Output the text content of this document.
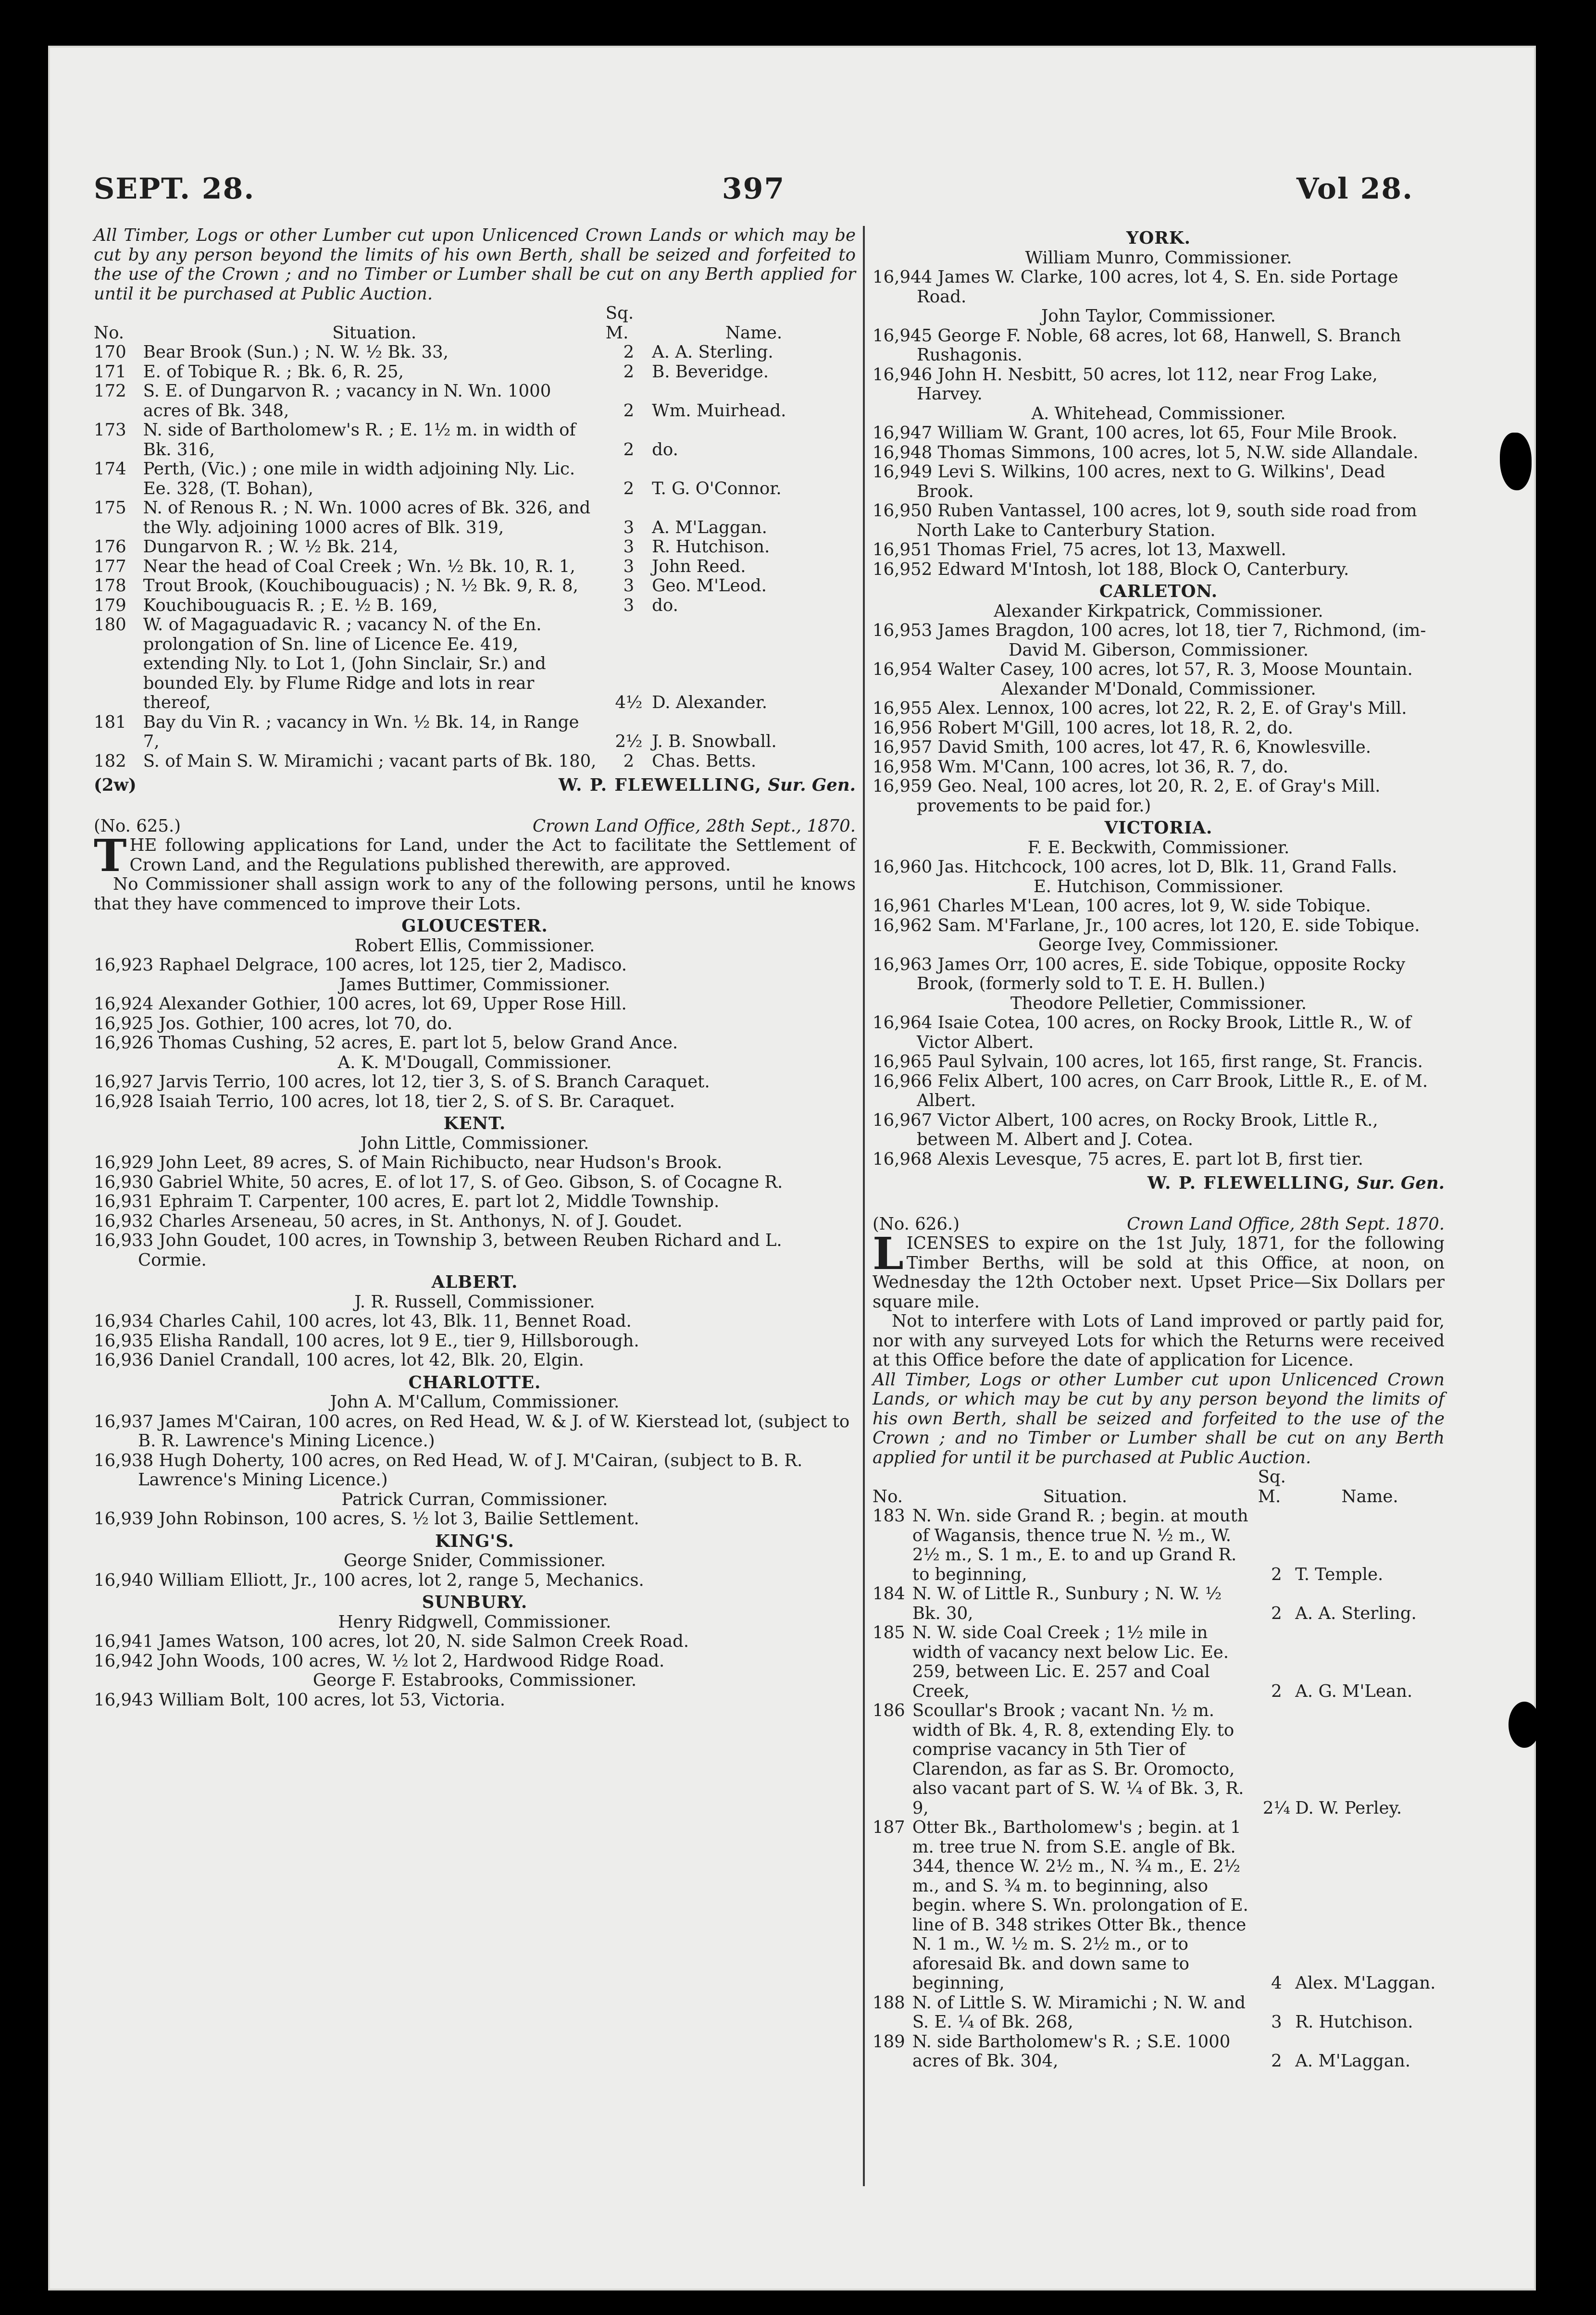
SEPT. 28.	397	Vol 28.
All Timber, Logs or other Lumber cut upon Unlicenced Crown Lands or which may be cut by any person beyond the limits of his own Berth, shall be seized and forfeited to the use of the Crown ; and no Timber or Lumber shall be cut on any Berth applied for until it be purchased at Public Auction.
No.	Situation.	Sq. M.	Name.
170	Bear Brook (Sun.) ; N. W. ½ Bk. 33,	2	A. A. Sterling.
171	E. of Tobique R. ; Bk. 6, R. 25,	2	B. Beveridge.
172	S. E. of Dungarvon R. ; vacancy in N. Wn. 1000 acres of Bk. 348,	2	Wm. Muirhead.
173	N. side of Bartholomew's R. ; E. 1½ m. in width of Bk. 316,	2	do.
174	Perth, (Vic.) ; one mile in width adjoining Nly. Lic. Ee. 328, (T. Bohan),	2	T. G. O'Connor.
175	N. of Renous R. ; N. Wn. 1000 acres of Bk. 326, and the Wly. adjoining 1000 acres of Blk. 319,	3	A. M'Laggan.
176	Dungarvon R. ; W. ½ Bk. 214,	3	R. Hutchison.
177	Near the head of Coal Creek ; Wn. ½ Bk. 10, R. 1,	3	John Reed.
178	Trout Brook, (Kouchibouguacis) ; N. ½ Bk. 9, R. 8,	3	Geo. M'Leod.
179	Kouchibouguacis R. ; E. ½ B. 169,	3	do.
180	W. of Magaguadavic R. ; vacancy N. of the En. prolongation of Sn. line of Licence Ee. 419, extending Nly. to Lot 1, (John Sinclair, Sr.) and bounded Ely. by Flume Ridge and lots in rear thereof,	4½	D. Alexander.
181	Bay du Vin R. ; vacancy in Wn. ½ Bk. 14, in Range 7,	2½	J. B. Snowball.
182	S. of Main S. W. Miramichi ; vacant parts of Bk. 180,	2	Chas. Betts.
(2w)	W. P. FLEWELLING, Sur. Gen.
(No. 625.)	Crown Land Office, 28th Sept., 1870.
THE following applications for Land, under the Act to facilitate the Settlement of Crown Land, and the Regulations published therewith, are approved.
No Commissioner shall assign work to any of the following persons, until he knows that they have commenced to improve their Lots.
GLOUCESTER.
Robert Ellis, Commissioner.
16,923 Raphael Delgrace, 100 acres, lot 125, tier 2, Madisco.
James Buttimer, Commissioner.
16,924 Alexander Gothier, 100 acres, lot 69, Upper Rose Hill.
16,925 Jos. Gothier, 100 acres, lot 70, do.
16,926 Thomas Cushing, 52 acres, E. part lot 5, below Grand Ance.
A. K. M'Dougall, Commissioner.
16,927 Jarvis Terrio, 100 acres, lot 12, tier 3, S. of S. Branch Caraquet.
16,928 Isaiah Terrio, 100 acres, lot 18, tier 2, S. of S. Br. Caraquet.
KENT.
John Little, Commissioner.
16,929 John Leet, 89 acres, S. of Main Richibucto, near Hudson's Brook.
16,930 Gabriel White, 50 acres, E. of lot 17, S. of Geo. Gibson, S. of Cocagne R.
16,931 Ephraim T. Carpenter, 100 acres, E. part lot 2, Middle Township.
16,932 Charles Arseneau, 50 acres, in St. Anthonys, N. of J. Goudet.
16,933 John Goudet, 100 acres, in Township 3, between Reuben Richard and L. Cormie.
ALBERT.
J. R. Russell, Commissioner.
16,934 Charles Cahil, 100 acres, lot 43, Blk. 11, Bennet Road.
16,935 Elisha Randall, 100 acres, lot 9 E., tier 9, Hillsborough.
16,936 Daniel Crandall, 100 acres, lot 42, Blk. 20, Elgin.
CHARLOTTE.
John A. M'Callum, Commissioner.
16,937 James M'Cairan, 100 acres, on Red Head, W. & J. of W. Kierstead lot, (subject to B. R. Lawrence's Mining Licence.)
16,938 Hugh Doherty, 100 acres, on Red Head, W. of J. M'Cairan, (subject to B. R. Lawrence's Mining Licence.)
Patrick Curran, Commissioner.
16,939 John Robinson, 100 acres, S. ½ lot 3, Bailie Settlement.
KING'S.
George Snider, Commissioner.
16,940 William Elliott, Jr., 100 acres, lot 2, range 5, Mechanics.
SUNBURY.
Henry Ridgwell, Commissioner.
16,941 James Watson, 100 acres, lot 20, N. side Salmon Creek Road.
16,942 John Woods, 100 acres, W. ½ lot 2, Hardwood Ridge Road.
George F. Estabrooks, Commissioner.
16,943 William Bolt, 100 acres, lot 53, Victoria.
YORK.
William Munro, Commissioner.
16,944 James W. Clarke, 100 acres, lot 4, S. En. side Portage Road.
John Taylor, Commissioner.
16,945 George F. Noble, 68 acres, lot 68, Hanwell, S. Branch Rushagonis.
16,946 John H. Nesbitt, 50 acres, lot 112, near Frog Lake, Harvey.
A. Whitehead, Commissioner.
16,947 William W. Grant, 100 acres, lot 65, Four Mile Brook.
16,948 Thomas Simmons, 100 acres, lot 5, N.W. side Allandale.
16,949 Levi S. Wilkins, 100 acres, next to G. Wilkins', Dead Brook.
16,950 Ruben Vantassel, 100 acres, lot 9, south side road from North Lake to Canterbury Station.
16,951 Thomas Friel, 75 acres, lot 13, Maxwell.
16,952 Edward M'Intosh, lot 188, Block O, Canterbury.
CARLETON.
Alexander Kirkpatrick, Commissioner.
16,953 James Bragdon, 100 acres, lot 18, tier 7, Richmond, (im-
David M. Giberson, Commissioner.
16,954 Walter Casey, 100 acres, lot 57, R. 3, Moose Mountain.
Alexander M'Donald, Commissioner.
16,955 Alex. Lennox, 100 acres, lot 22, R. 2, E. of Gray's Mill.
16,956 Robert M'Gill, 100 acres, lot 18, R. 2, do.
16,957 David Smith, 100 acres, lot 47, R. 6, Knowlesville.
16,958 Wm. M'Cann, 100 acres, lot 36, R. 7, do.
16,959 Geo. Neal, 100 acres, lot 20, R. 2, E. of Gray's Mill. provements to be paid for.)
VICTORIA.
F. E. Beckwith, Commissioner.
16,960 Jas. Hitchcock, 100 acres, lot D, Blk. 11, Grand Falls.
E. Hutchison, Commissioner.
16,961 Charles M'Lean, 100 acres, lot 9, W. side Tobique.
16,962 Sam. M'Farlane, Jr., 100 acres, lot 120, E. side Tobique.
George Ivey, Commissioner.
16,963 James Orr, 100 acres, E. side Tobique, opposite Rocky Brook, (formerly sold to T. E. H. Bullen.)
Theodore Pelletier, Commissioner.
16,964 Isaie Cotea, 100 acres, on Rocky Brook, Little R., W. of Victor Albert.
16,965 Paul Sylvain, 100 acres, lot 165, first range, St. Francis.
16,966 Felix Albert, 100 acres, on Carr Brook, Little R., E. of M. Albert.
16,967 Victor Albert, 100 acres, on Rocky Brook, Little R., between M. Albert and J. Cotea.
16,968 Alexis Levesque, 75 acres, E. part lot B, first tier.
W. P. FLEWELLING, Sur. Gen.
(No. 626.)	Crown Land Office, 28th Sept. 1870.
LICENSES to expire on the 1st July, 1871, for the following Timber Berths, will be sold at this Office, at noon, on Wednesday the 12th October next. Upset Price—Six Dollars per square mile.
Not to interfere with Lots of Land improved or partly paid for, nor with any surveyed Lots for which the Returns were received at this Office before the date of application for Licence.
All Timber, Logs or other Lumber cut upon Unlicenced Crown Lands, or which may be cut by any person beyond the limits of his own Berth, shall be seized and forfeited to the use of the Crown ; and no Timber or Lumber shall be cut on any Berth applied for until it be purchased at Public Auction.
No.	Situation.	Sq. M.	Name.
183	N. Wn. side Grand R. ; begin. at mouth of Wagansis, thence true N. ½ m., W. 2½ m., S. 1 m., E. to and up Grand R. to beginning,	2	T. Temple.
184	N. W. of Little R., Sunbury ; N. W. ½ Bk. 30,	2	A. A. Sterling.
185	N. W. side Coal Creek ; 1½ mile in width of vacancy next below Lic. Ee. 259, between Lic. E. 257 and Coal Creek,	2	A. G. M'Lean.
186	Scoullar's Brook ; vacant Nn. ½ m. width of Bk. 4, R. 8, extending Ely. to comprise vacancy in 5th Tier of Clarendon, as far as S. Br. Oromocto, also vacant part of S. W. ¼ of Bk. 3, R. 9,	2¼	D. W. Perley.
187	Otter Bk., Bartholomew's ; begin. at 1 m. tree true N. from S.E. angle of Bk. 344, thence W. 2½ m., N. ¾ m., E. 2½ m., and S. ¾ m. to beginning, also begin. where S. Wn. prolongation of E. line of B. 348 strikes Otter Bk., thence N. 1 m., W. ½ m. S. 2½ m., or to aforesaid Bk. and down same to beginning,	4	Alex. M'Laggan.
188	N. of Little S. W. Miramichi ; N. W. and S. E. ¼ of Bk. 268,	3	R. Hutchison.
189	N. side Bartholomew's R. ; S.E. 1000 acres of Bk. 304,	2	A. M'Laggan.
